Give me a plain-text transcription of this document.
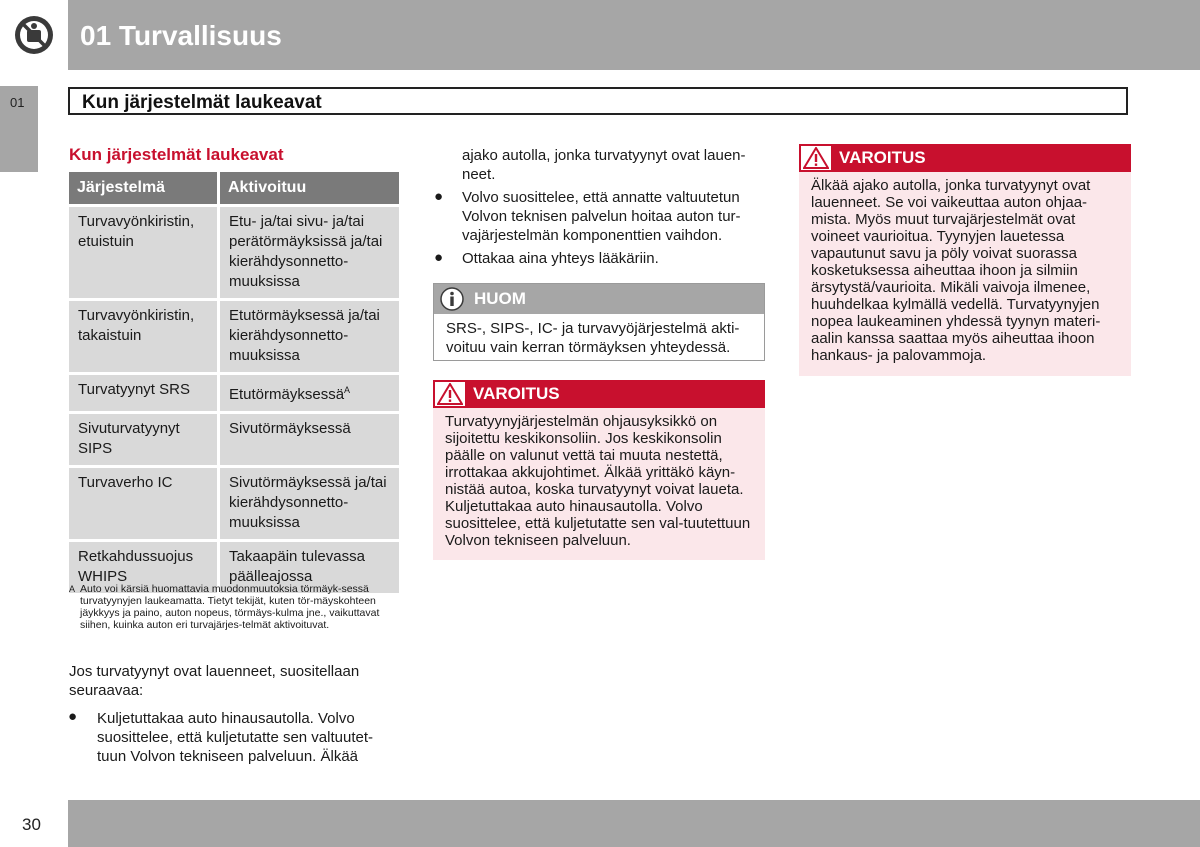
01 Turvallisuus
01	Kun järjestelmät laukeavat
Kun järjestelmät laukeavat
Järjestelmä	Aktivoituu
Turvavyönkiristin, etuistuin	Etu- ja/tai sivu- ja/tai perätörmäyksissä ja/tai kierähdysonnetto-muuksissa
Turvavyönkiristin, takaistuin	Etutörmäyksessä ja/tai kierähdysonnetto-muuksissa
Turvatyynyt SRS	Etutörmäyksessä$^A$
Sivuturvatyynyt SIPS	Sivutörmäyksessä
Turvaverho IC	Sivutörmäyksessä ja/tai kierähdysonnetto-muuksissa
Retkahdussuojus WHIPS	Takaapäin tulevassa päälleajossa
A Auto voi kärsiä huomattavia muodonmuutoksia törmäyk-sessä turvatyynyjen laukeamatta. Tietyt tekijät, kuten tör-mäyskohteen jäykkyys ja paino, auton nopeus, törmäys-kulma jne., vaikuttavat siihen, kuinka auton eri turvajärjes-telmät aktivoituvat.
Jos turvatyynyt ovat lauenneet, suositellaan seuraavaa:
● Kuljetuttakaa auto hinausautolla. Volvo suosittelee, että kuljetutatte sen valtuutet-tuun Volvon tekniseen palveluun. Älkää
ajako autolla, jonka turvatyynyt ovat lauen-neet.
● Volvo suosittelee, että annatte valtuutetun Volvon teknisen palvelun hoitaa auton tur-vajärjestelmän komponenttien vaihdon.
● Ottakaa aina yhteys lääkäriin.
HUOM
SRS-, SIPS-, IC- ja turvavyöjärjestelmä akti-voituu vain kerran törmäyksen yhteydessä.
VAROITUS
Turvatyynyjärjestelmän ohjausyksikkö on sijoitettu keskikonsoliin. Jos keskikonsolin päälle on valunut vettä tai muuta nestettä, irrottakaa akkujohtimet. Älkää yrittäkö käyn-nistää autoa, koska turvatyynyt voivat laueta. Kuljetuttakaa auto hinausautolla. Volvo suosittelee, että kuljetutatte sen val-tuutettuun Volvon tekniseen palveluun.
VAROITUS
Älkää ajako autolla, jonka turvatyynyt ovat lauenneet. Se voi vaikeuttaa auton ohjaa-mista. Myös muut turvajärjestelmät ovat voineet vaurioitua. Tyynyjen lauetessa vapautunut savu ja pöly voivat suorassa kosketuksessa aiheuttaa ihoon ja silmiin ärsytystä/vaurioita. Mikäli vaivoja ilmenee, huuhdelkaa kylmällä vedellä. Turvatyynyjen nopea laukeaminen yhdessä tyynyn materi-aalin kanssa saattaa myös aiheuttaa ihoon hankaus- ja palovammoja.
30
